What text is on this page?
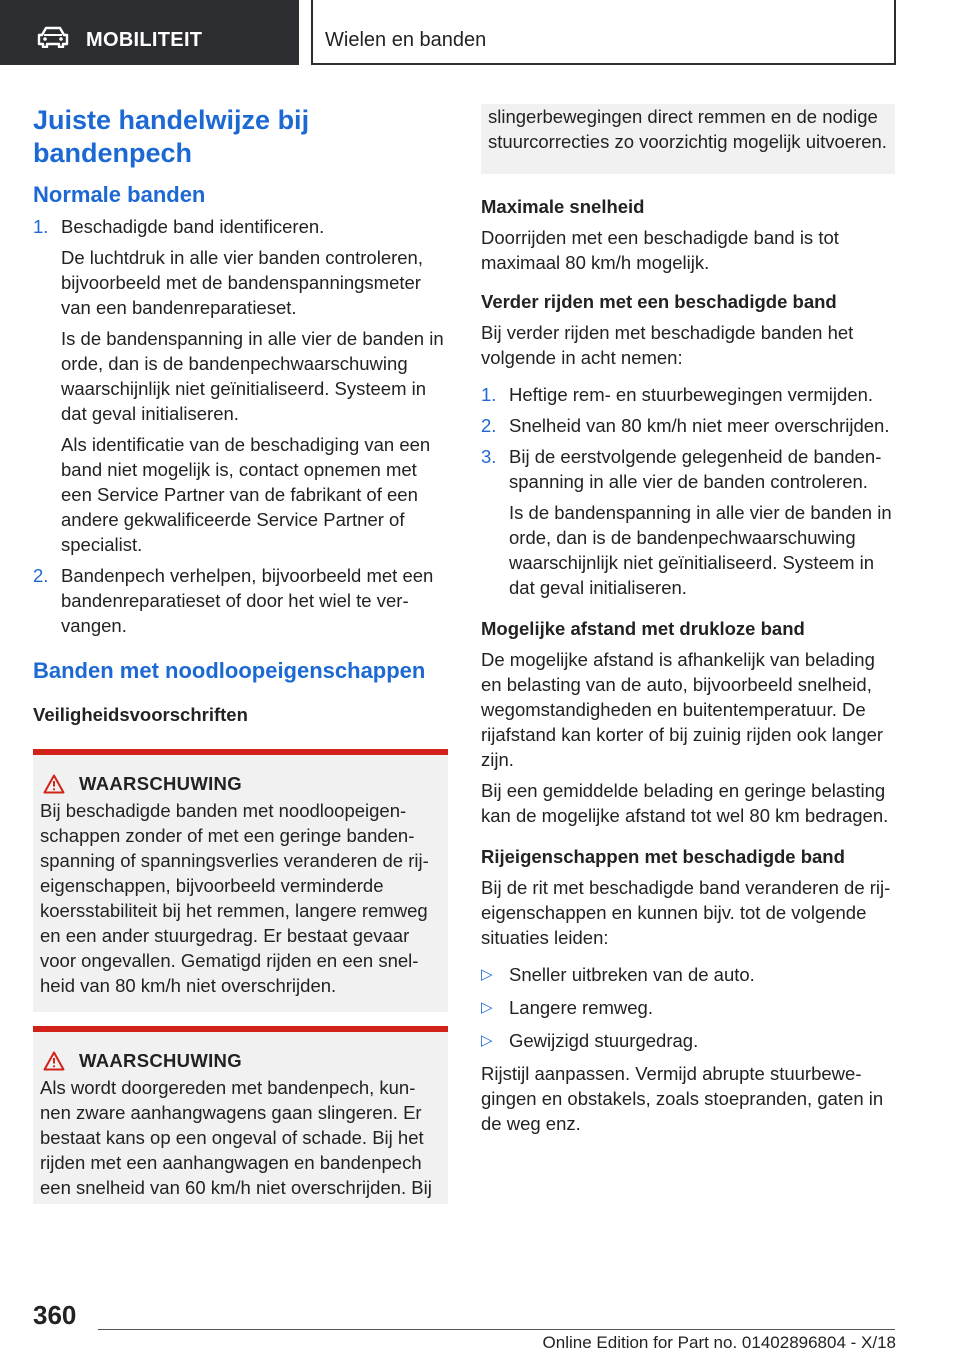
MOBILITEIT	Wielen en banden
Juiste handelwijze bij bandenpech
Normale banden
1. Beschadigde band identificeren.
De luchtdruk in alle vier banden controleren, bijvoorbeeld met de bandenspanningsmeter van een bandenreparatieset.
Is de bandenspanning in alle vier de banden in orde, dan is de bandenpechwaarschuwing waarschijnlijk niet geïnitialiseerd. Systeem in dat geval initialiseren.
Als identificatie van de beschadiging van een band niet mogelijk is, contact opnemen met een Service Partner van de fabrikant of een andere gekwalificeerde Service Partner of specialist.
2. Bandenpech verhelpen, bijvoorbeeld met een bandenreparatieset of door het wiel te vervangen.
Banden met noodloopeigenschappen
Veiligheidsvoorschriften
WAARSCHUWING
Bij beschadigde banden met noodloopeigenschappen zonder of met een geringe bandenspanning of spanningsverlies veranderen de rijeigenschappen, bijvoorbeeld verminderde koersstabiliteit bij het remmen, langere remweg en een ander stuurgedrag. Er bestaat gevaar voor ongevallen. Gematigd rijden en een snelheid van 80 km/h niet overschrijden.
WAARSCHUWING
Als wordt doorgereden met bandenpech, kunnen zware aanhangwagens gaan slingeren. Er bestaat kans op een ongeval of schade. Bij het rijden met een aanhangwagen en bandenpech een snelheid van 60 km/h niet overschrijden. Bij
slingerbewegingen direct remmen en de nodige stuurcorrecties zo voorzichtig mogelijk uitvoeren.
Maximale snelheid

Doorrijden met een beschadigde band is tot maximaal 80 km/h mogelijk.

Verder rijden met een beschadigde band

Bij verder rijden met beschadigde banden het volgende in acht nemen:

1. Heftige rem- en stuurbewegingen vermijden.
2. Snelheid van 80 km/h niet meer overschrijden.
3. Bij de eerstvolgende gelegenheid de bandenspanning in alle vier de banden controleren.
Is de bandenspanning in alle vier de banden in orde, dan is de bandenpechwaarschuwing waarschijnlijk niet geïnitialiseerd. Systeem in dat geval initialiseren.
Mogelijke afstand met drukloze band

De mogelijke afstand is afhankelijk van belading en belasting van de auto, bijvoorbeeld snelheid, wegomstandigheden en buitentemperatuur. De rijafstand kan korter of bij zuinig rijden ook langer zijn.

Bij een gemiddelde belading en geringe belasting kan de mogelijke afstand tot wel 80 km bedragen.

Rijeigenschappen met beschadigde band

Bij de rit met beschadigde band veranderen de rij-eigenschappen en kunnen bijv. tot de volgende situaties leiden:

▷ Sneller uitbreken van de auto.
▷ Langere remweg.
▷ Gewijzigd stuurgedrag.

Rijstijl aanpassen. Vermijd abrupte stuurbewegingen en obstakels, zoals stoepranden, gaten in de weg enz.

360
Online Edition for Part no. 01402896804 - X/18
